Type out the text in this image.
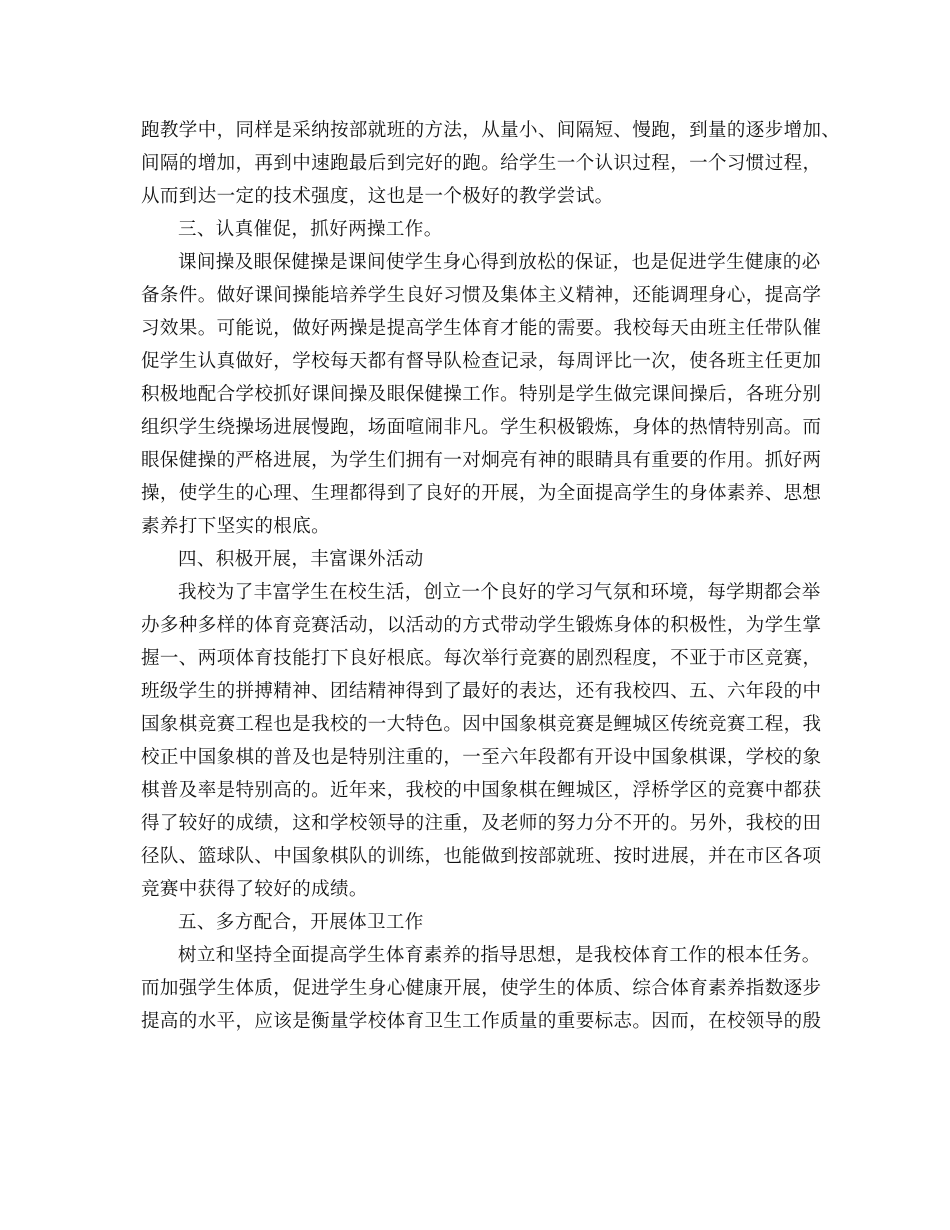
跑教学中，同样是采纳按部就班的方法，从量小、间隔短、慢跑，到量的逐步增加、
间隔的增加，再到中速跑最后到完好的跑。给学生一个认识过程，一个习惯过程，
从而到达一定的技术强度，这也是一个极好的教学尝试。
三、认真催促，抓好两操工作。
课间操及眼保健操是课间使学生身心得到放松的保证，也是促进学生健康的必
备条件。做好课间操能培养学生良好习惯及集体主义精神，还能调理身心，提高学
习效果。可能说，做好两操是提高学生体育才能的需要。我校每天由班主任带队催
促学生认真做好，学校每天都有督导队检查记录，每周评比一次，使各班主任更加
积极地配合学校抓好课间操及眼保健操工作。特别是学生做完课间操后，各班分别
组织学生绕操场进展慢跑，场面喧闹非凡。学生积极锻炼，身体的热情特别高。而
眼保健操的严格进展，为学生们拥有一对炯亮有神的眼睛具有重要的作用。抓好两
操，使学生的心理、生理都得到了良好的开展，为全面提高学生的身体素养、思想
素养打下坚实的根底。
四、积极开展，丰富课外活动
我校为了丰富学生在校生活，创立一个良好的学习气氛和环境，每学期都会举
办多种多样的体育竞赛活动，以活动的方式带动学生锻炼身体的积极性，为学生掌
握一、两项体育技能打下良好根底。每次举行竞赛的剧烈程度，不亚于市区竞赛，
班级学生的拼搏精神、团结精神得到了最好的表达，还有我校四、五、六年段的中
国象棋竞赛工程也是我校的一大特色。因中国象棋竞赛是鲤城区传统竞赛工程，我
校正中国象棋的普及也是特别注重的，一至六年段都有开设中国象棋课，学校的象
棋普及率是特别高的。近年来，我校的中国象棋在鲤城区，浮桥学区的竞赛中都获
得了较好的成绩，这和学校领导的注重，及老师的努力分不开的。另外，我校的田
径队、篮球队、中国象棋队的训练，也能做到按部就班、按时进展，并在市区各项
竞赛中获得了较好的成绩。
五、多方配合，开展体卫工作
树立和坚持全面提高学生体育素养的指导思想，是我校体育工作的根本任务。
而加强学生体质，促进学生身心健康开展，使学生的体质、综合体育素养指数逐步
提高的水平，应该是衡量学校体育卫生工作质量的重要标志。因而，在校领导的殷
